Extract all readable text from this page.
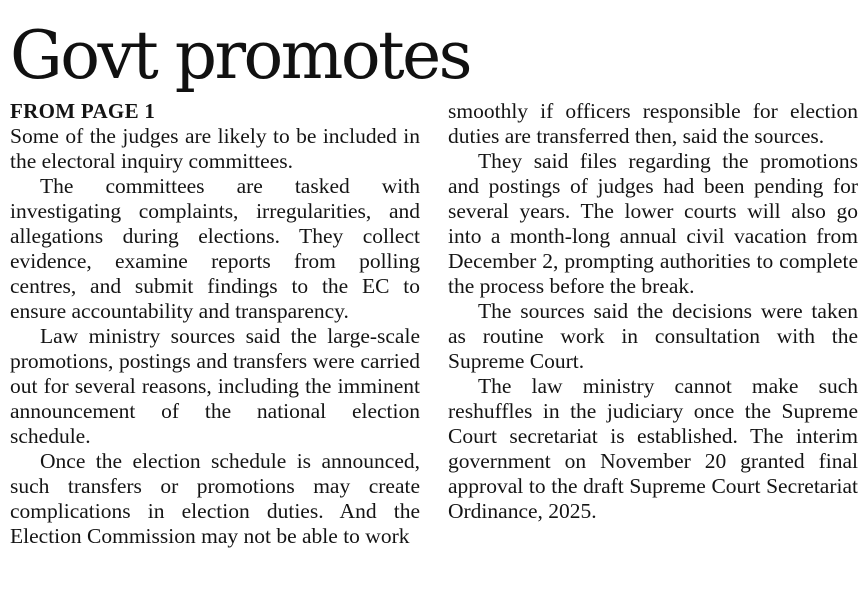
Govt promotes
FROM PAGE 1

Some of the judges are likely to be included in the electoral inquiry committees.

The committees are tasked with investigating complaints, irregularities, and allegations during elections. They collect evidence, examine reports from polling centres, and submit findings to the EC to ensure accountability and transparency.

Law ministry sources said the large-scale promotions, postings and transfers were carried out for several reasons, including the imminent announcement of the national election schedule.

Once the election schedule is announced, such transfers or promotions may create complications in election duties. And the Election Commission may not be able to work

smoothly if officers responsible for election duties are transferred then, said the sources.

They said files regarding the promotions and postings of judges had been pending for several years. The lower courts will also go into a month-long annual civil vacation from December 2, prompting authorities to complete the process before the break.

The sources said the decisions were taken as routine work in consultation with the Supreme Court.

The law ministry cannot make such reshuffles in the judiciary once the Supreme Court secretariat is established. The interim government on November 20 granted final approval to the draft Supreme Court Secretariat Ordinance, 2025.
